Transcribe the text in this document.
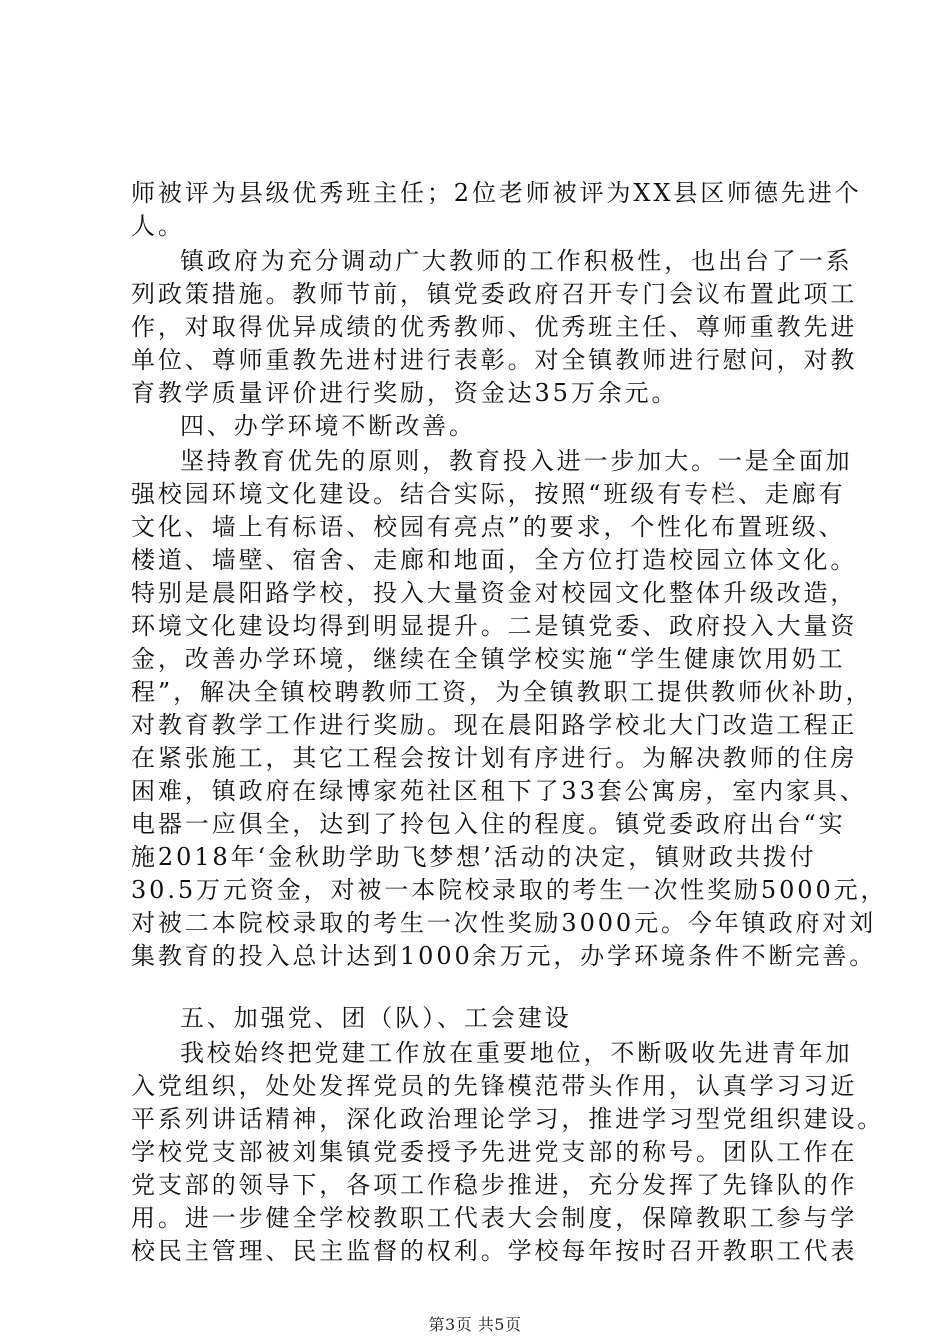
师被评为县级优秀班主任；2位老师被评为XX县区师德先进个
人。
镇政府为充分调动广大教师的工作积极性，也出台了一系
列政策措施。教师节前，镇党委政府召开专门会议布置此项工
作，对取得优异成绩的优秀教师、优秀班主任、尊师重教先进
单位、尊师重教先进村进行表彰。对全镇教师进行慰问，对教
育教学质量评价进行奖励，资金达35万余元。
四、办学环境不断改善。
坚持教育优先的原则，教育投入进一步加大。一是全面加
强校园环境文化建设。结合实际，按照“班级有专栏、走廊有
文化、墙上有标语、校园有亮点”的要求，个性化布置班级、
楼道、墙壁、宿舍、走廊和地面，全方位打造校园立体文化。
特别是晨阳路学校，投入大量资金对校园文化整体升级改造，
环境文化建设均得到明显提升。二是镇党委、政府投入大量资
金，改善办学环境，继续在全镇学校实施“学生健康饮用奶工
程”，解决全镇校聘教师工资，为全镇教职工提供教师伙补助，
对教育教学工作进行奖励。现在晨阳路学校北大门改造工程正
在紧张施工，其它工程会按计划有序进行。为解决教师的住房
困难，镇政府在绿博家苑社区租下了33套公寓房，室内家具、
电器一应俱全，达到了拎包入住的程度。镇党委政府出台“实
施2018年‘金秋助学助飞梦想’活动的决定，镇财政共拨付
30.5万元资金，对被一本院校录取的考生一次性奖励5000元，
对被二本院校录取的考生一次性奖励3000元。今年镇政府对刘
集教育的投入总计达到1000余万元，办学环境条件不断完善。
五、加强党、团（队）、工会建设
我校始终把党建工作放在重要地位，不断吸收先进青年加
入党组织，处处发挥党员的先锋模范带头作用，认真学习习近
平系列讲话精神，深化政治理论学习，推进学习型党组织建设。
学校党支部被刘集镇党委授予先进党支部的称号。团队工作在
党支部的领导下，各项工作稳步推进，充分发挥了先锋队的作
用。进一步健全学校教职工代表大会制度，保障教职工参与学
校民主管理、民主监督的权利。学校每年按时召开教职工代表
第3页 共5页
